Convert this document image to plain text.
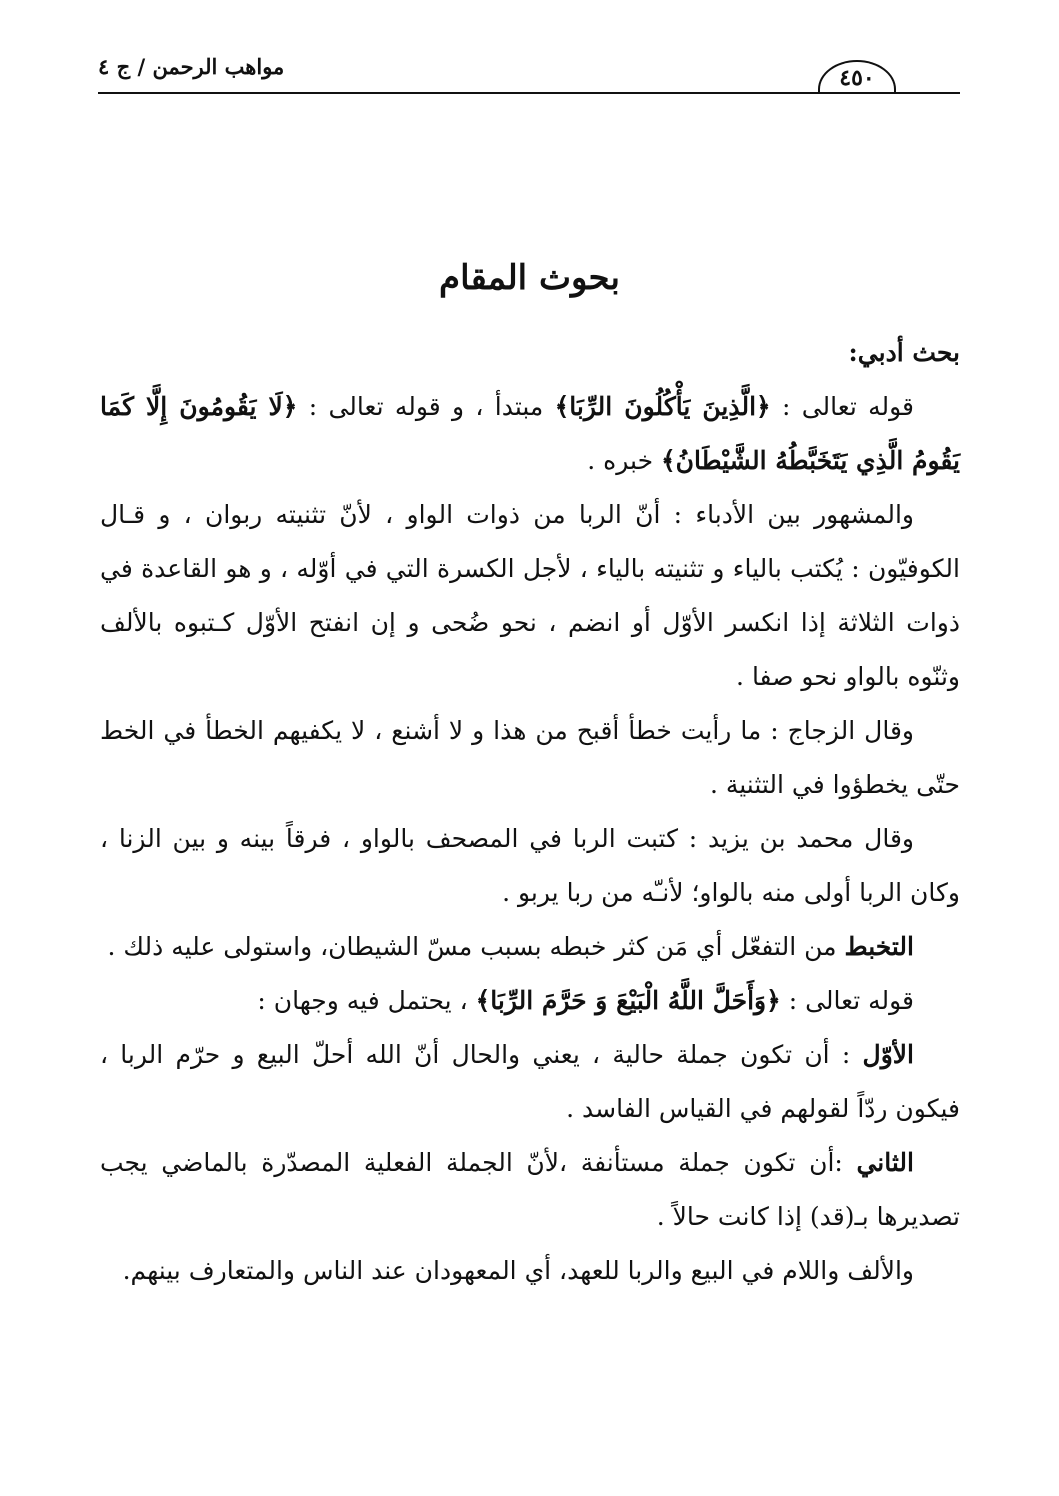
مواهب الرحمن / ج ٤	٤٥٠
بحوث المقام

بحث أدبي:

قوله تعالى : ﴿الَّذِينَ يَأْكُلُونَ الرِّبَا﴾ مبتدأ ، و قوله تعالى : ﴿لَا يَقُومُونَ إِلَّا كَمَا يَقُومُ الَّذِي يَتَخَبَّطُهُ الشَّيْطَانُ﴾ خبره .

والمشهور بين الأدباء : أنّ الربا من ذوات الواو ، لأنّ تثنيته ربوان ، و قـال الكوفيّون : يُكتب بالياء و تثنيته بالياء ، لأجل الكسرة التي في أوّله ، و هو القاعدة في ذوات الثلاثة إذا انكسر الأوّل أو انضم ، نحو ضُحى و إن انفتح الأوّل كـتبوه بالألف وثنّوه بالواو نحو صفا .

وقال الزجاج : ما رأيت خطأ أقبح من هذا و لا أشنع ، لا يكفيهم الخطأ في الخط حتّى يخطؤوا في التثنية .

وقال محمد بن يزيد : كتبت الربا في المصحف بالواو ، فرقاً بينه و بين الزنا ، وكان الربا أولى منه بالواو؛ لأنـّه من ربا يربو .

التخبط من التفعّل أي مَن كثر خبطه بسبب مسّ الشيطان، واستولى عليه ذلك .

قوله تعالى : ﴿وَأَحَلَّ اللَّهُ الْبَيْعَ وَ حَرَّمَ الرِّبَا﴾ ، يحتمل فيه وجهان :

الأوّل : أن تكون جملة حالية ، يعني والحال أنّ الله أحلّ البيع و حرّم الربا ، فيكون ردّاً لقولهم في القياس الفاسد .

الثاني :أن تكون جملة مستأنفة ،لأنّ الجملة الفعلية المصدّرة بالماضي يجب تصديرها بـ(قد) إذا كانت حالاً .

والألف واللام في البيع والربا للعهد، أي المعهودان عند الناس والمتعارف بينهم.
